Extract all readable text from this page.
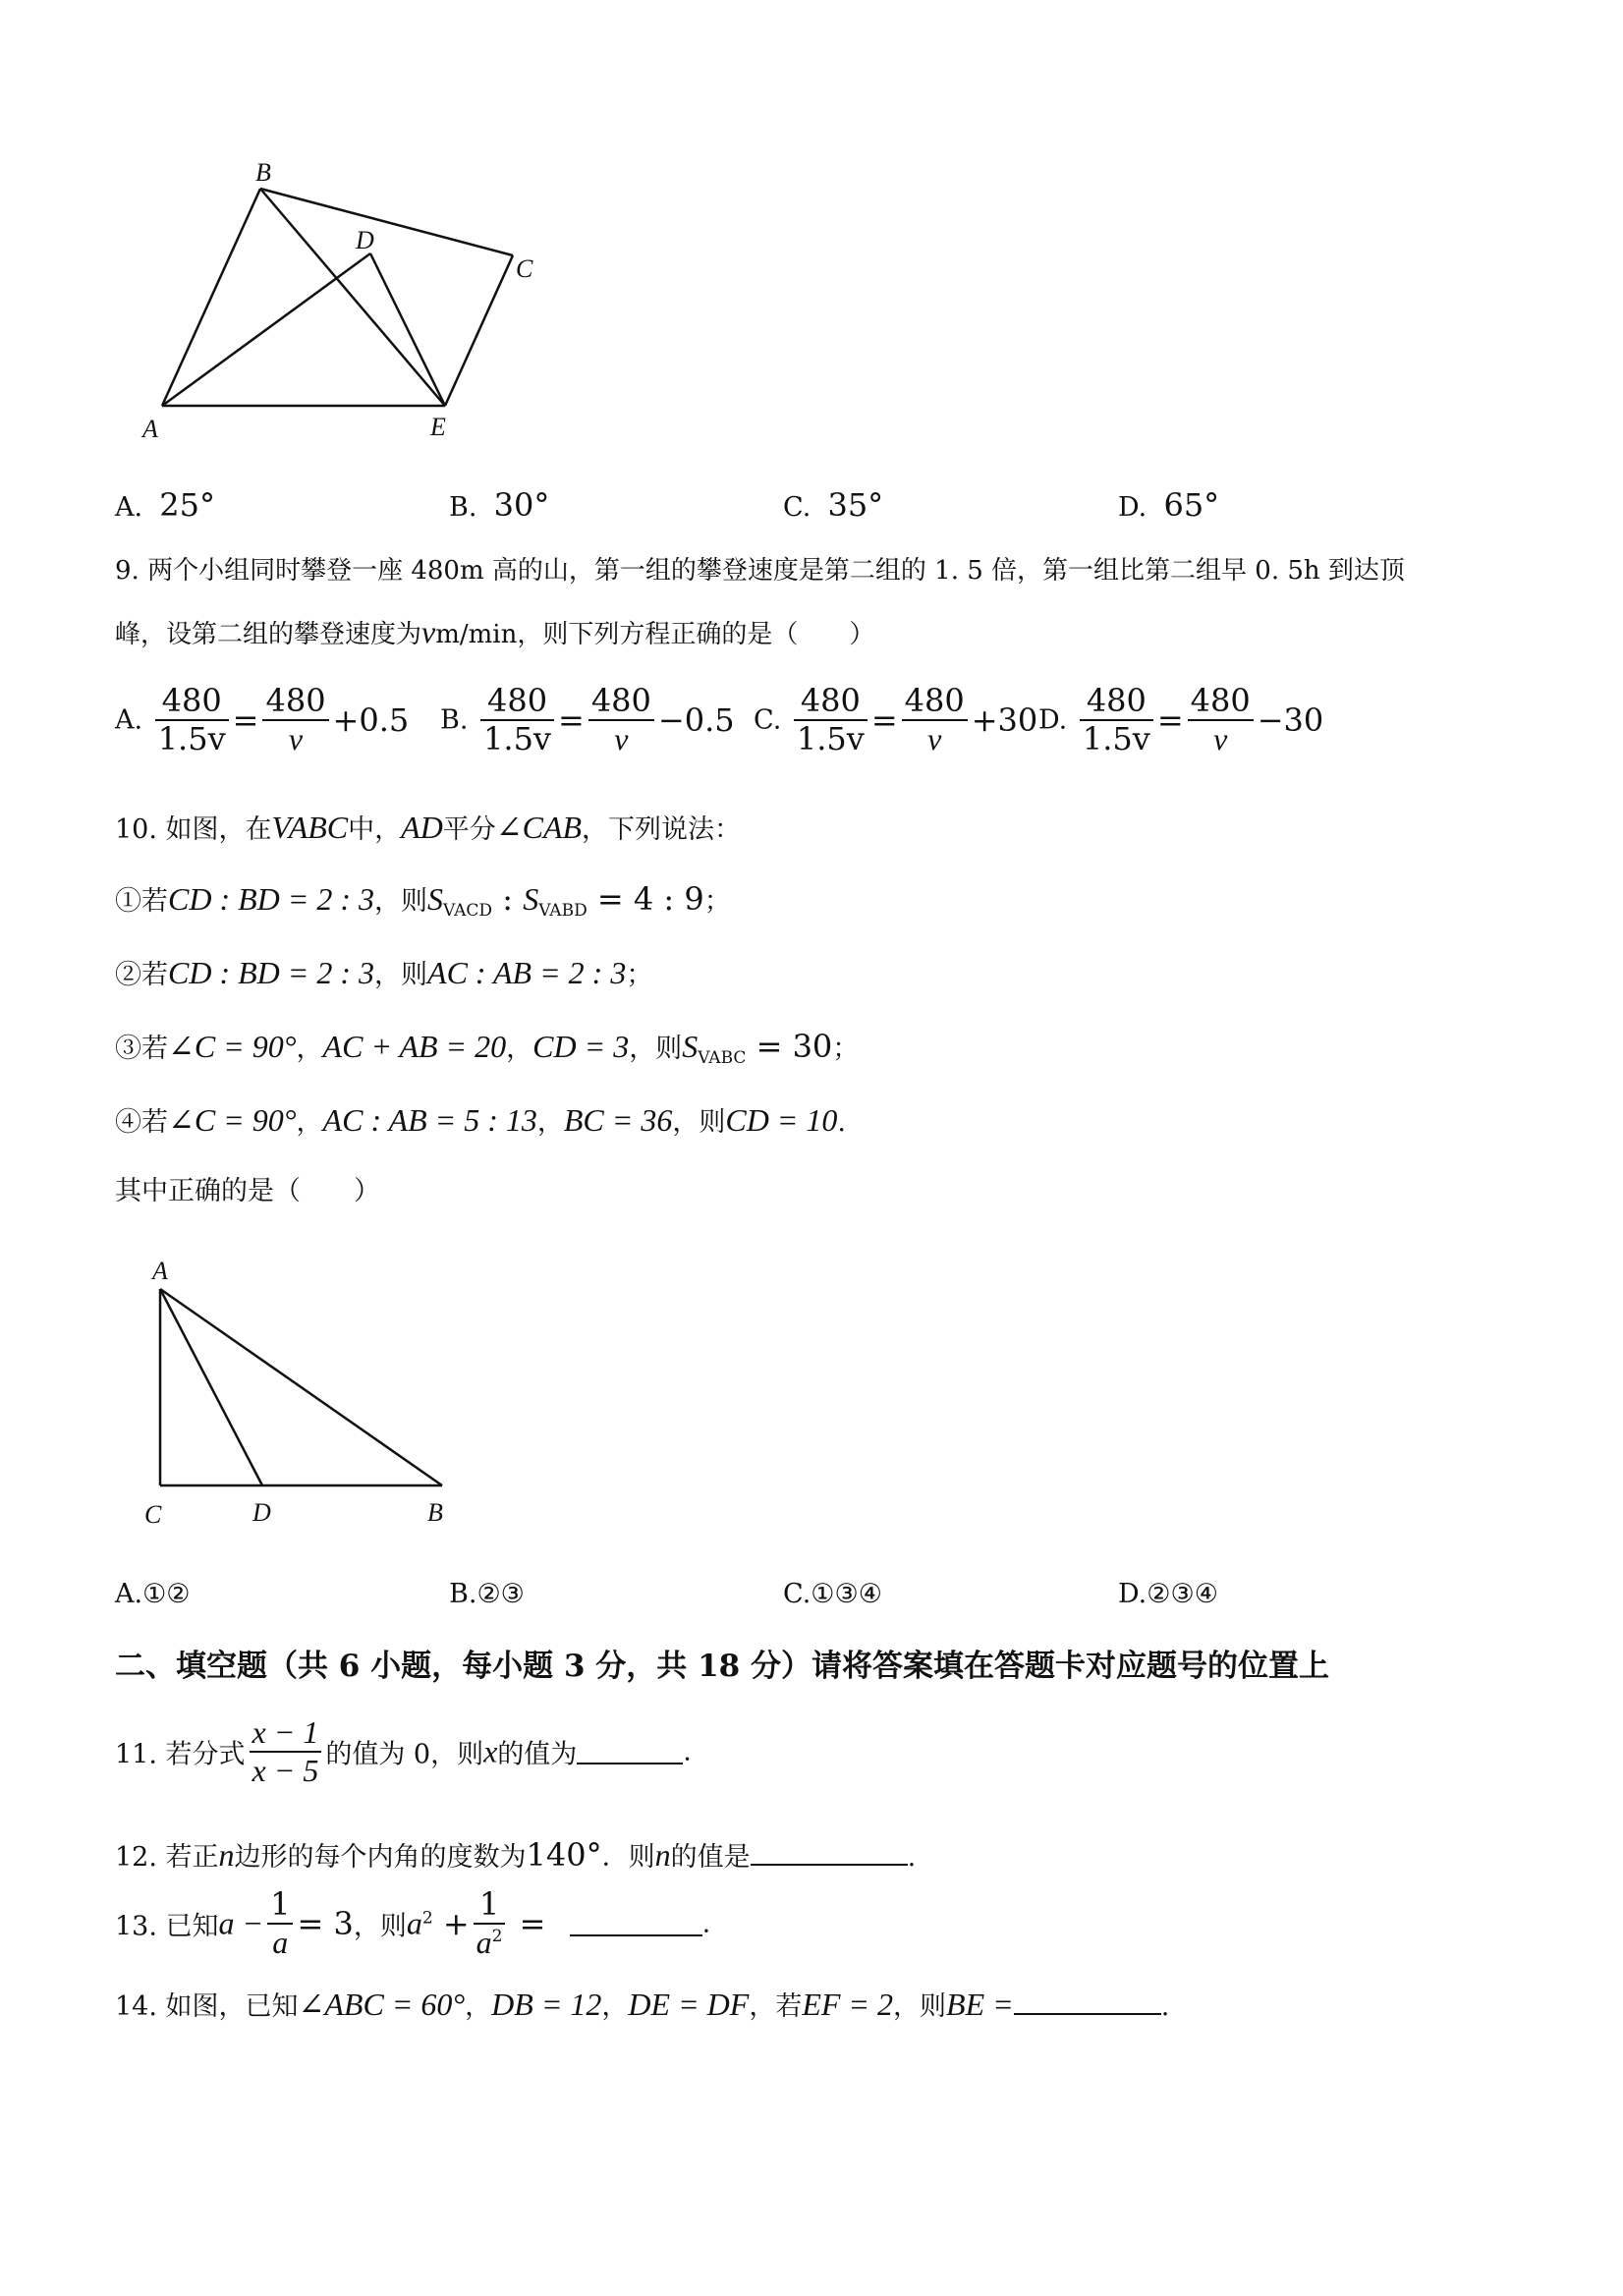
B
D
C
A	E
A. 25°	B. 30°	C. 35°	D. 65°
9. 两个小组同时攀登一座 480m 高的山，第一组的攀登速度是第二组的 1. 5 倍，第一组比第二组早 0. 5h 到达顶
峰，设第二组的攀登速度为vm/min，则下列方程正确的是（　　）
A. $\frac{480}{1.5v} = \frac{480}{v} +0.5$ B. $\frac{480}{1.5v} = \frac{480}{v} -0.5$ C. $\frac{480}{1.5v} = \frac{480}{v} +30$ D. $\frac{480}{1.5v} = \frac{480}{v} -30$
10. 如图，在VABC中，AD平分∠CAB，下列说法：
①若CD : BD = 2 : 3，则$S_{VACD}$ : $S_{VABD} = 4$ : 9；
②若CD : BD = 2 : 3，则AC : AB = 2 : 3；
③若∠C = 90°，AC + AB = 20，CD = 3，则$S_{VABC} = 30$；
④若∠C = 90°，AC : AB = 5 : 13，BC = 36，则CD = 10.
其中正确的是（　　）
A
C	D	B
A.①②	B.②③	C.①③④	D.②③④
二、填空题（共 6 小题，每小题 3 分，共 18 分）请将答案填在答题卡对应题号的位置上
11. 若分式 $\frac{x - 1}{x - 5}$ 的值为 0，则x的值为	.
12. 若正n边形的每个内角的度数为140°．则n的值是	.
13. 已知$a - \frac{1}{a} = 3$，则$a^2 + \frac{1}{a^2}$ =	.
14. 如图，已知∠ABC = 60°，DB = 12，DE = DF，若EF = 2，则BE =	.
